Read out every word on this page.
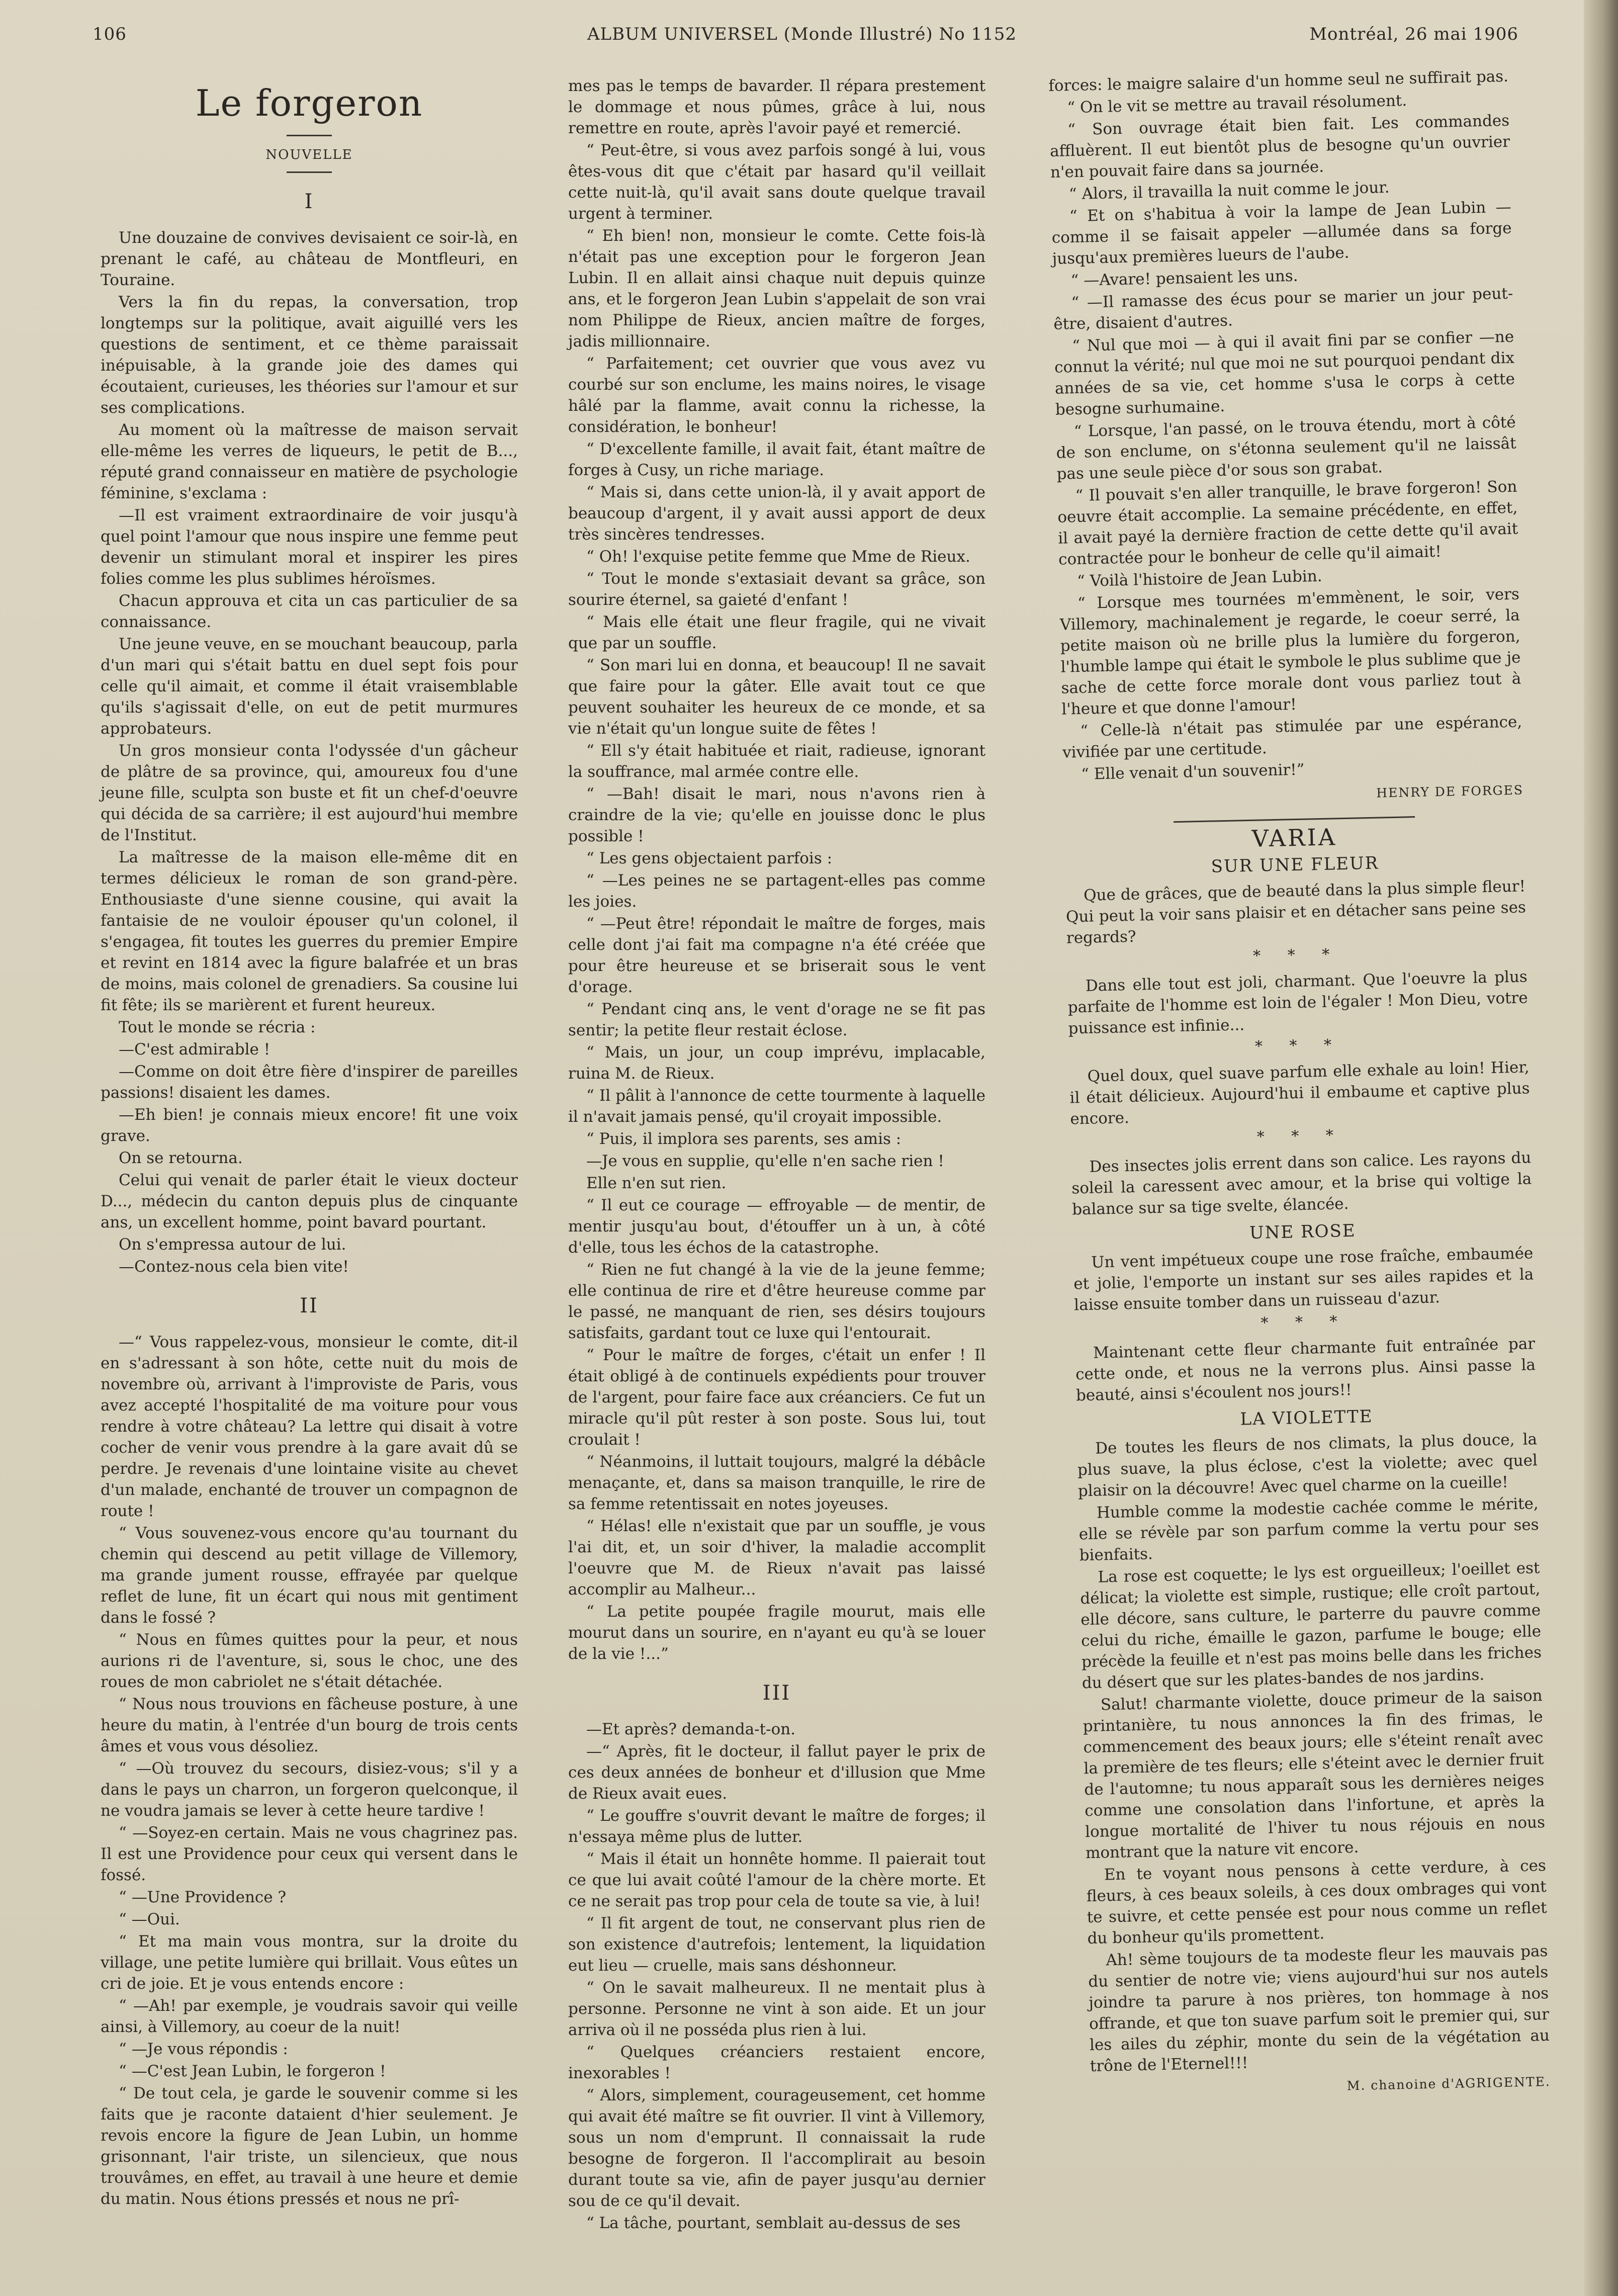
106	ALBUM UNIVERSEL (Monde Illustré) No 1152	Montréal, 26 mai 1906
Le forgeron
NOUVELLE
I

Une douzaine de convives devisaient ce soir-là, en prenant le café, au château de Montfleuri, en Touraine.

Vers la fin du repas, la conversation, trop longtemps sur la politique, avait aiguillé vers les questions de sentiment, et ce thème paraissait inépuisable, à la grande joie des dames qui écoutaient, curieuses, les théories sur l'amour et sur ses complications.

Au moment où la maîtresse de maison servait elle-même les verres de liqueurs, le petit de B..., réputé grand connaisseur en matière de psychologie féminine, s'exclama :

—Il est vraiment extraordinaire de voir jusqu'à quel point l'amour que nous inspire une femme peut devenir un stimulant moral et inspirer les pires folies comme les plus sublimes héroïsmes.

Chacun approuva et cita un cas particulier de sa connaissance.

Une jeune veuve, en se mouchant beaucoup, parla d'un mari qui s'était battu en duel sept fois pour celle qu'il aimait, et comme il était vraisemblable qu'ils s'agissait d'elle, on eut de petit murmures approbateurs.

Un gros monsieur conta l'odyssée d'un gâcheur de plâtre de sa province, qui, amoureux fou d'une jeune fille, sculpta son buste et fit un chef-d'oeuvre qui décida de sa carrière; il est aujourd'hui membre de l'Institut.

La maîtresse de la maison elle-même dit en termes délicieux le roman de son grand-père. Enthousiaste d'une sienne cousine, qui avait la fantaisie de ne vouloir épouser qu'un colonel, il s'engagea, fit toutes les guerres du premier Empire et revint en 1814 avec la figure balafrée et un bras de moins, mais colonel de grenadiers. Sa cousine lui fit fête; ils se marièrent et furent heureux.

Tout le monde se récria :

—C'est admirable !

—Comme on doit être fière d'inspirer de pareilles passions! disaient les dames.

—Eh bien! je connais mieux encore! fit une voix grave.

On se retourna.

Celui qui venait de parler était le vieux docteur D..., médecin du canton depuis plus de cinquante ans, un excellent homme, point bavard pourtant.

On s'empressa autour de lui.

—Contez-nous cela bien vite!

II

—“ Vous rappelez-vous, monsieur le comte, dit-il en s'adressant à son hôte, cette nuit du mois de novembre où, arrivant à l'improviste de Paris, vous avez accepté l'hospitalité de ma voiture pour vous rendre à votre château? La lettre qui disait à votre cocher de venir vous prendre à la gare avait dû se perdre. Je revenais d'une lointaine visite au chevet d'un malade, enchanté de trouver un compagnon de route !

“ Vous souvenez-vous encore qu'au tournant du chemin qui descend au petit village de Villemory, ma grande jument rousse, effrayée par quelque reflet de lune, fit un écart qui nous mit gentiment dans le fossé ?

“ Nous en fûmes quittes pour la peur, et nous aurions ri de l'aventure, si, sous le choc, une des roues de mon cabriolet ne s'était détachée.

“ Nous nous trouvions en fâcheuse posture, à une heure du matin, à l'entrée d'un bourg de trois cents âmes et vous vous désoliez.

“ —Où trouvez du secours, disiez-vous; s'il y a dans le pays un charron, un forgeron quelconque, il ne voudra jamais se lever à cette heure tardive !

“ —Soyez-en certain. Mais ne vous chagrinez pas. Il est une Providence pour ceux qui versent dans le fossé.

“ —Une Providence ?

“ —Oui.

“ Et ma main vous montra, sur la droite du village, une petite lumière qui brillait. Vous eûtes un cri de joie. Et je vous entends encore :

“ —Ah! par exemple, je voudrais savoir qui veille ainsi, à Villemory, au coeur de la nuit!

“ —Je vous répondis :

“ —C'est Jean Lubin, le forgeron !

“ De tout cela, je garde le souvenir comme si les faits que je raconte dataient d'hier seulement. Je revois encore la figure de Jean Lubin, un homme grisonnant, l'air triste, un silencieux, que nous trouvâmes, en effet, au travail à une heure et demie du matin. Nous étions pressés et nous ne prî-

mes pas le temps de bavarder. Il répara prestement le dommage et nous pûmes, grâce à lui, nous remettre en route, après l'avoir payé et remercié.

“ Peut-être, si vous avez parfois songé à lui, vous êtes-vous dit que c'était par hasard qu'il veillait cette nuit-là, qu'il avait sans doute quelque travail urgent à terminer.

“ Eh bien! non, monsieur le comte. Cette fois-là n'était pas une exception pour le forgeron Jean Lubin. Il en allait ainsi chaque nuit depuis quinze ans, et le forgeron Jean Lubin s'appelait de son vrai nom Philippe de Rieux, ancien maître de forges, jadis millionnaire.

“ Parfaitement; cet ouvrier que vous avez vu courbé sur son enclume, les mains noires, le visage hâlé par la flamme, avait connu la richesse, la considération, le bonheur!

“ D'excellente famille, il avait fait, étant maître de forges à Cusy, un riche mariage.

“ Mais si, dans cette union-là, il y avait apport de beaucoup d'argent, il y avait aussi apport de deux très sincères tendresses.

“ Oh! l'exquise petite femme que Mme de Rieux.

“ Tout le monde s'extasiait devant sa grâce, son sourire éternel, sa gaieté d'enfant !

“ Mais elle était une fleur fragile, qui ne vivait que par un souffle.

“ Son mari lui en donna, et beaucoup! Il ne savait que faire pour la gâter. Elle avait tout ce que peuvent souhaiter les heureux de ce monde, et sa vie n'était qu'un longue suite de fêtes !

“ Ell s'y était habituée et riait, radieuse, ignorant la souffrance, mal armée contre elle.

“ —Bah! disait le mari, nous n'avons rien à craindre de la vie; qu'elle en jouisse donc le plus possible !

“ Les gens objectaient parfois :

“ —Les peines ne se partagent-elles pas comme les joies.

“ —Peut être! répondait le maître de forges, mais celle dont j'ai fait ma compagne n'a été créée que pour être heureuse et se briserait sous le vent d'orage.

“ Pendant cinq ans, le vent d'orage ne se fit pas sentir; la petite fleur restait éclose.

“ Mais, un jour, un coup imprévu, implacable, ruina M. de Rieux.

“ Il pâlit à l'annonce de cette tourmente à laquelle il n'avait jamais pensé, qu'il croyait impossible.

“ Puis, il implora ses parents, ses amis :

—Je vous en supplie, qu'elle n'en sache rien !

Elle n'en sut rien.

“ Il eut ce courage — effroyable — de mentir, de mentir jusqu'au bout, d'étouffer un à un, à côté d'elle, tous les échos de la catastrophe.

“ Rien ne fut changé à la vie de la jeune femme; elle continua de rire et d'être heureuse comme par le passé, ne manquant de rien, ses désirs toujours satisfaits, gardant tout ce luxe qui l'entourait.

“ Pour le maître de forges, c'était un enfer ! Il était obligé à de continuels expédients pour trouver de l'argent, pour faire face aux créanciers. Ce fut un miracle qu'il pût rester à son poste. Sous lui, tout croulait !

“ Néanmoins, il luttait toujours, malgré la débâcle menaçante, et, dans sa maison tranquille, le rire de sa femme retentissait en notes joyeuses.

“ Hélas! elle n'existait que par un souffle, je vous l'ai dit, et, un soir d'hiver, la maladie accomplit l'oeuvre que M. de Rieux n'avait pas laissé accomplir au Malheur...

“ La petite poupée fragile mourut, mais elle mourut dans un sourire, en n'ayant eu qu'à se louer de la vie !...”

III

—Et après? demanda-t-on.

—“ Après, fit le docteur, il fallut payer le prix de ces deux années de bonheur et d'illusion que Mme de Rieux avait eues.

“ Le gouffre s'ouvrit devant le maître de forges; il n'essaya même plus de lutter.

“ Mais il était un honnête homme. Il paierait tout ce que lui avait coûté l'amour de la chère morte. Et ce ne serait pas trop pour cela de toute sa vie, à lui!

“ Il fit argent de tout, ne conservant plus rien de son existence d'autrefois; lentement, la liquidation eut lieu — cruelle, mais sans déshonneur.

“ On le savait malheureux. Il ne mentait plus à personne. Personne ne vint à son aide. Et un jour arriva où il ne posséda plus rien à lui.

“ Quelques créanciers restaient encore, inexorables !

“ Alors, simplement, courageusement, cet homme qui avait été maître se fit ouvrier. Il vint à Villemory, sous un nom d'emprunt. Il connaissait la rude besogne de forgeron. Il l'accomplirait au besoin durant toute sa vie, afin de payer jusqu'au dernier sou de ce qu'il devait.

“ La tâche, pourtant, semblait au-dessus de ses

forces: le maigre salaire d'un homme seul ne suffirait pas.

“ On le vit se mettre au travail résolument.

“ Son ouvrage était bien fait. Les commandes affluèrent. Il eut bientôt plus de besogne qu'un ouvrier n'en pouvait faire dans sa journée.

“ Alors, il travailla la nuit comme le jour.

“ Et on s'habitua à voir la lampe de Jean Lubin — comme il se faisait appeler —allumée dans sa forge jusqu'aux premières lueurs de l'aube.

“ —Avare! pensaient les uns.

“ —Il ramasse des écus pour se marier un jour peut-être, disaient d'autres.

“ Nul que moi — à qui il avait fini par se confier —ne connut la vérité; nul que moi ne sut pourquoi pendant dix années de sa vie, cet homme s'usa le corps à cette besogne surhumaine.

“ Lorsque, l'an passé, on le trouva étendu, mort à côté de son enclume, on s'étonna seulement qu'il ne laissât pas une seule pièce d'or sous son grabat.

“ Il pouvait s'en aller tranquille, le brave forgeron! Son oeuvre était accomplie. La semaine précédente, en effet, il avait payé la dernière fraction de cette dette qu'il avait contractée pour le bonheur de celle qu'il aimait!

“ Voilà l'histoire de Jean Lubin.

“ Lorsque mes tournées m'emmènent, le soir, vers Villemory, machinalement je regarde, le coeur serré, la petite maison où ne brille plus la lumière du forgeron, l'humble lampe qui était le symbole le plus sublime que je sache de cette force morale dont vous parliez tout à l'heure et que donne l'amour!

“ Celle-là n'était pas stimulée par une espérance, vivifiée par une certitude.

“ Elle venait d'un souvenir!”

HENRY DE FORGES
VARIA
SUR UNE FLEUR

Que de grâces, que de beauté dans la plus simple fleur! Qui peut la voir sans plaisir et en détacher sans peine ses regards?

* * *

Dans elle tout est joli, charmant. Que l'oeuvre la plus parfaite de l'homme est loin de l'égaler ! Mon Dieu, votre puissance est infinie...

* * *

Quel doux, quel suave parfum elle exhale au loin! Hier, il était délicieux. Aujourd'hui il embaume et captive plus encore.

* * *

Des insectes jolis errent dans son calice. Les rayons du soleil la caressent avec amour, et la brise qui voltige la balance sur sa tige svelte, élancée.

UNE ROSE

Un vent impétueux coupe une rose fraîche, embaumée et jolie, l'emporte un instant sur ses ailes rapides et la laisse ensuite tomber dans un ruisseau d'azur.

* * *

Maintenant cette fleur charmante fuit entraînée par cette onde, et nous ne la verrons plus. Ainsi passe la beauté, ainsi s'écoulent nos jours!!

LA VIOLETTE

De toutes les fleurs de nos climats, la plus douce, la plus suave, la plus éclose, c'est la violette; avec quel plaisir on la découvre! Avec quel charme on la cueille!

Humble comme la modestie cachée comme le mérite, elle se révèle par son parfum comme la vertu pour ses bienfaits.

La rose est coquette; le lys est orgueilleux; l'oeillet est délicat; la violette est simple, rustique; elle croît partout, elle décore, sans culture, le parterre du pauvre comme celui du riche, émaille le gazon, parfume le bouge; elle précède la feuille et n'est pas moins belle dans les friches du désert que sur les plates-bandes de nos jardins.

Salut! charmante violette, douce primeur de la saison printanière, tu nous annonces la fin des frimas, le commencement des beaux jours; elle s'éteint renaît avec la première de tes fleurs; elle s'éteint avec le dernier fruit de l'automne; tu nous apparaît sous les dernières neiges comme une consolation dans l'infortune, et après la longue mortalité de l'hiver tu nous réjouis en nous montrant que la nature vit encore.

En te voyant nous pensons à cette verdure, à ces fleurs, à ces beaux soleils, à ces doux ombrages qui vont te suivre, et cette pensée est pour nous comme un reflet du bonheur qu'ils promettent.

Ah! sème toujours de ta modeste fleur les mauvais pas du sentier de notre vie; viens aujourd'hui sur nos autels joindre ta parure à nos prières, ton hommage à nos offrande, et que ton suave parfum soit le premier qui, sur les ailes du zéphir, monte du sein de la végétation au trône de l'Eternel!!!

M. chanoine d'AGRIGENTE.
